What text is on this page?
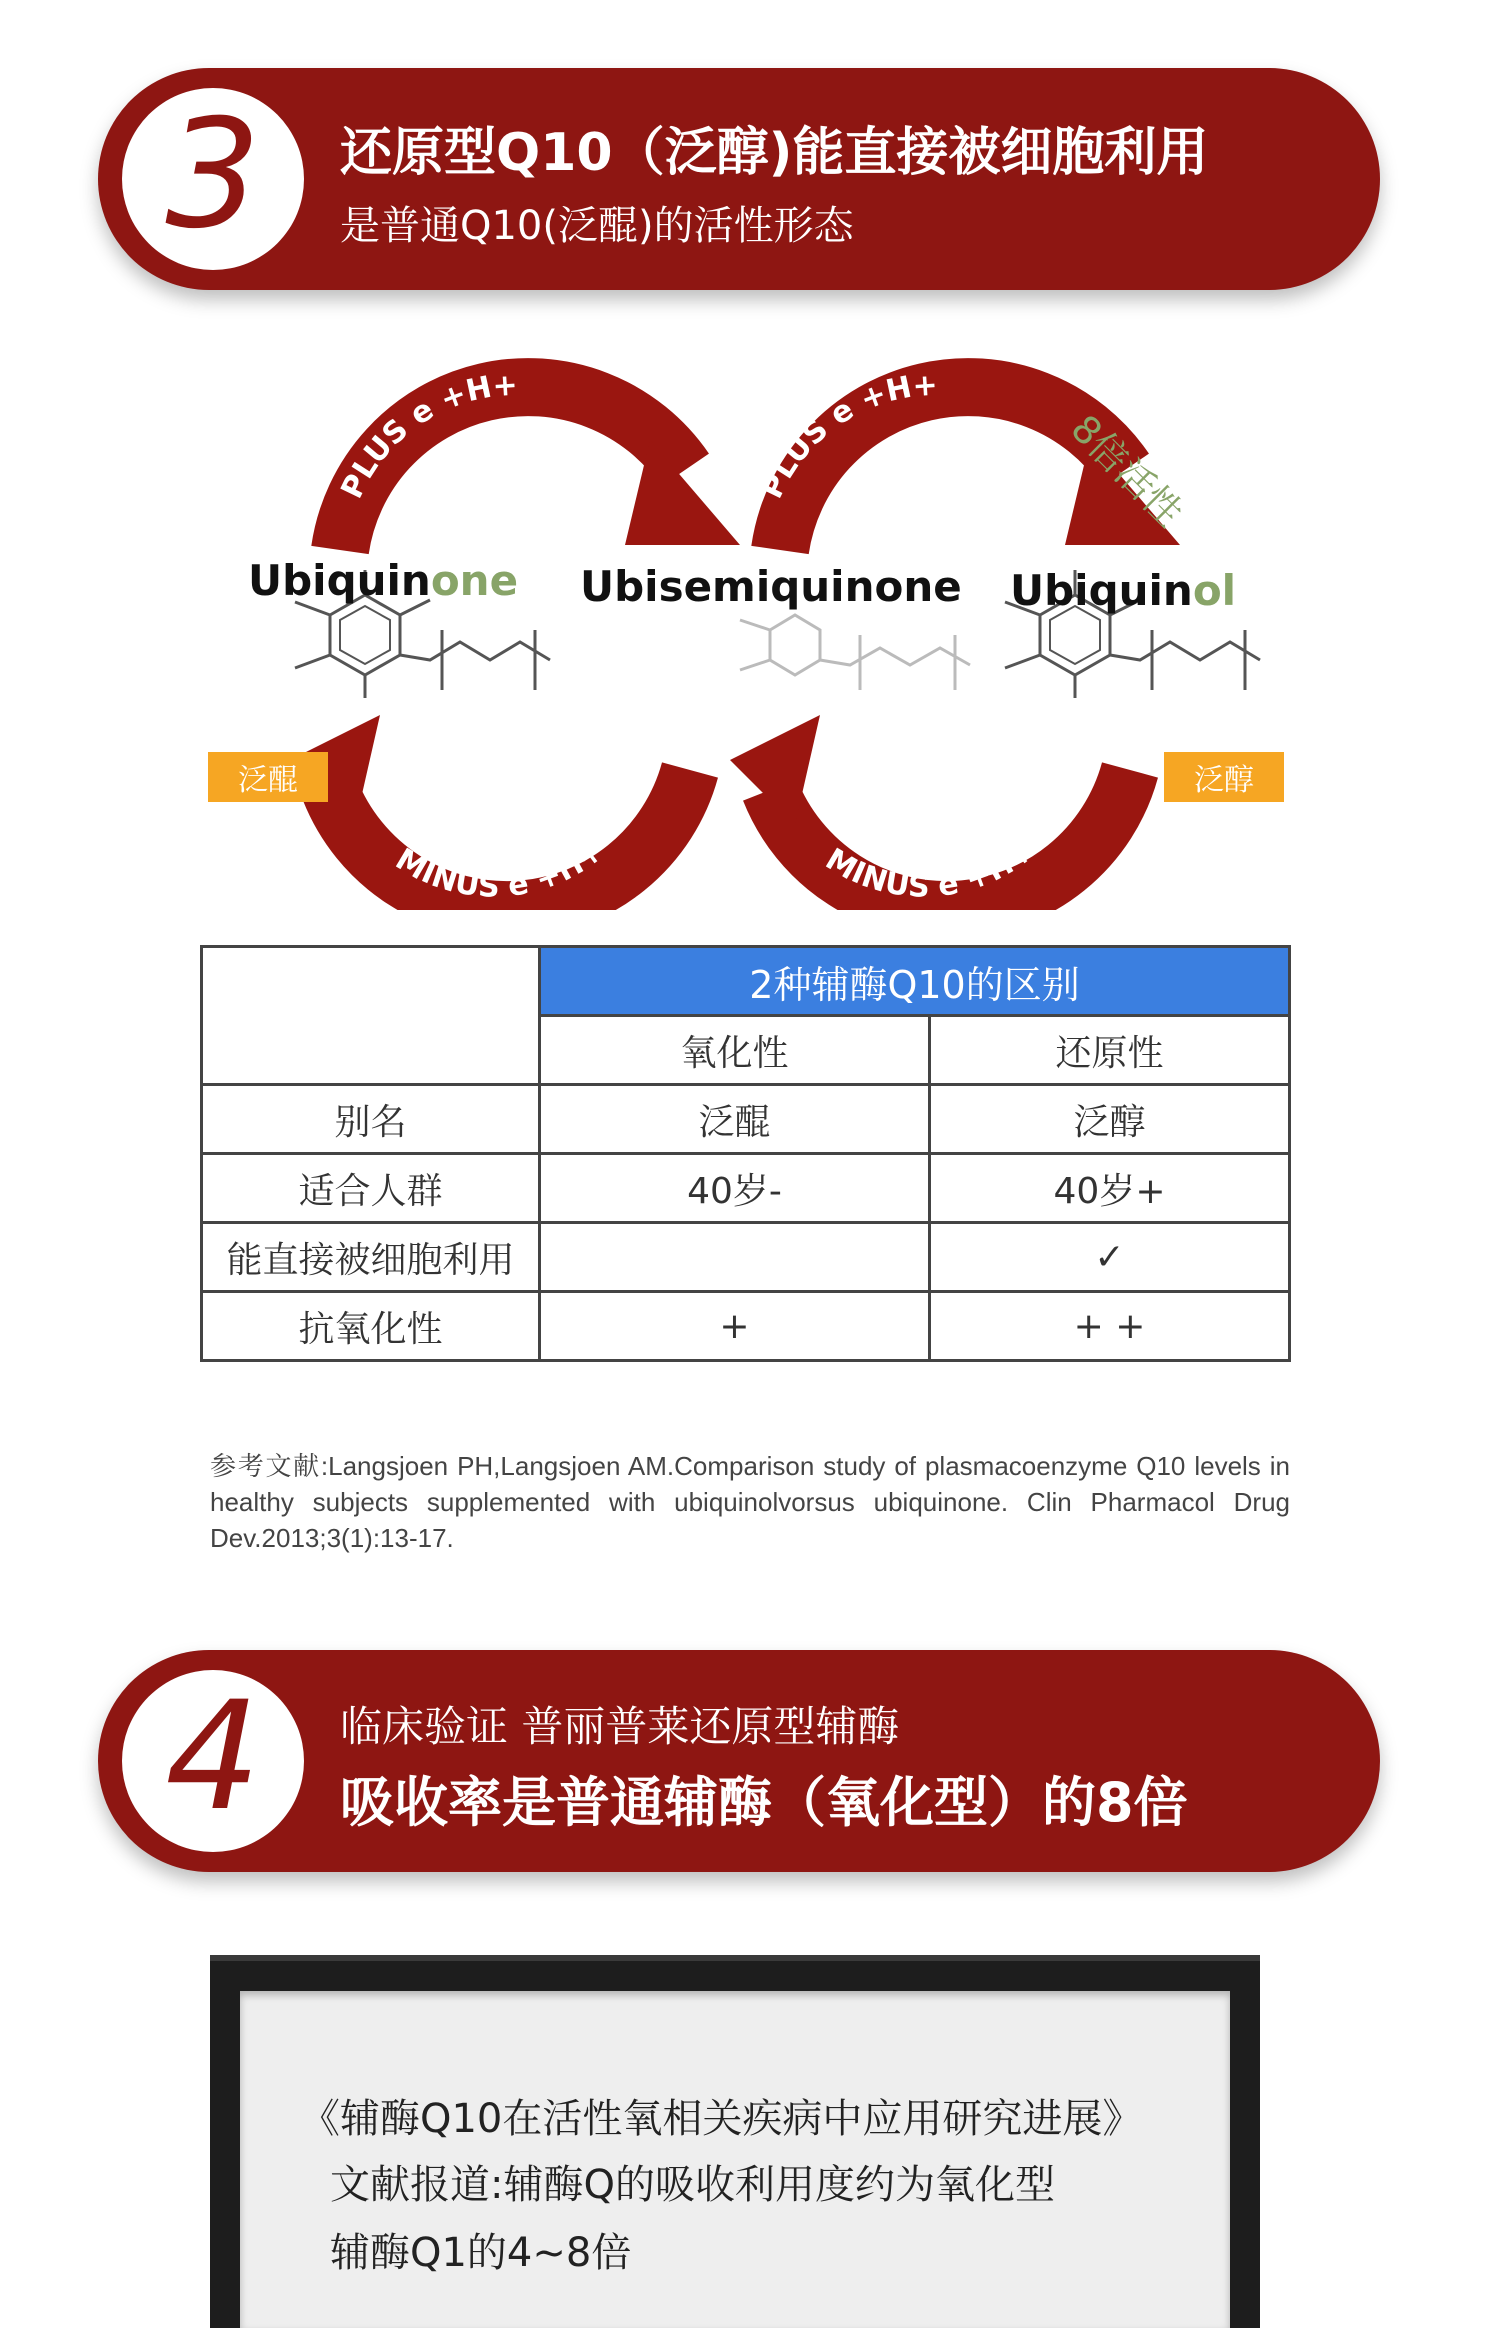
3 还原型Q10（泛醇)能直接被细胞利用
是普通Q10(泛醌)的活性形态
PLUS e +H+
PLUS e +H+
MINUS e +H+	MINUS e +H+
Ubiquinone Ubisemiquinone Ubiquinol
泛醌	泛醇
8倍活性
	2种辅酶Q10的区别	
	氧化性	还原性
别名	泛醌	泛醇
适合人群	40岁-	40岁+
能直接被细胞利用		✓
抗氧化性	+	+ +
参考文献:Langsjoen PH,Langsjoen AM.Comparison study of plasmacoenzyme Q10 levels in healthy subjects supplemented with ubiquinolvorsus ubiquinone. Clin Pharmacol Drug Dev.2013;3(1):13-17.
4 临床验证 普丽普莱还原型辅酶
吸收率是普通辅酶（氧化型）的8倍
《辅酶Q10在活性氧相关疾病中应用研究进展》
文献报道:辅酶Q的吸收利用度约为氧化型
辅酶Q1的4~8倍
